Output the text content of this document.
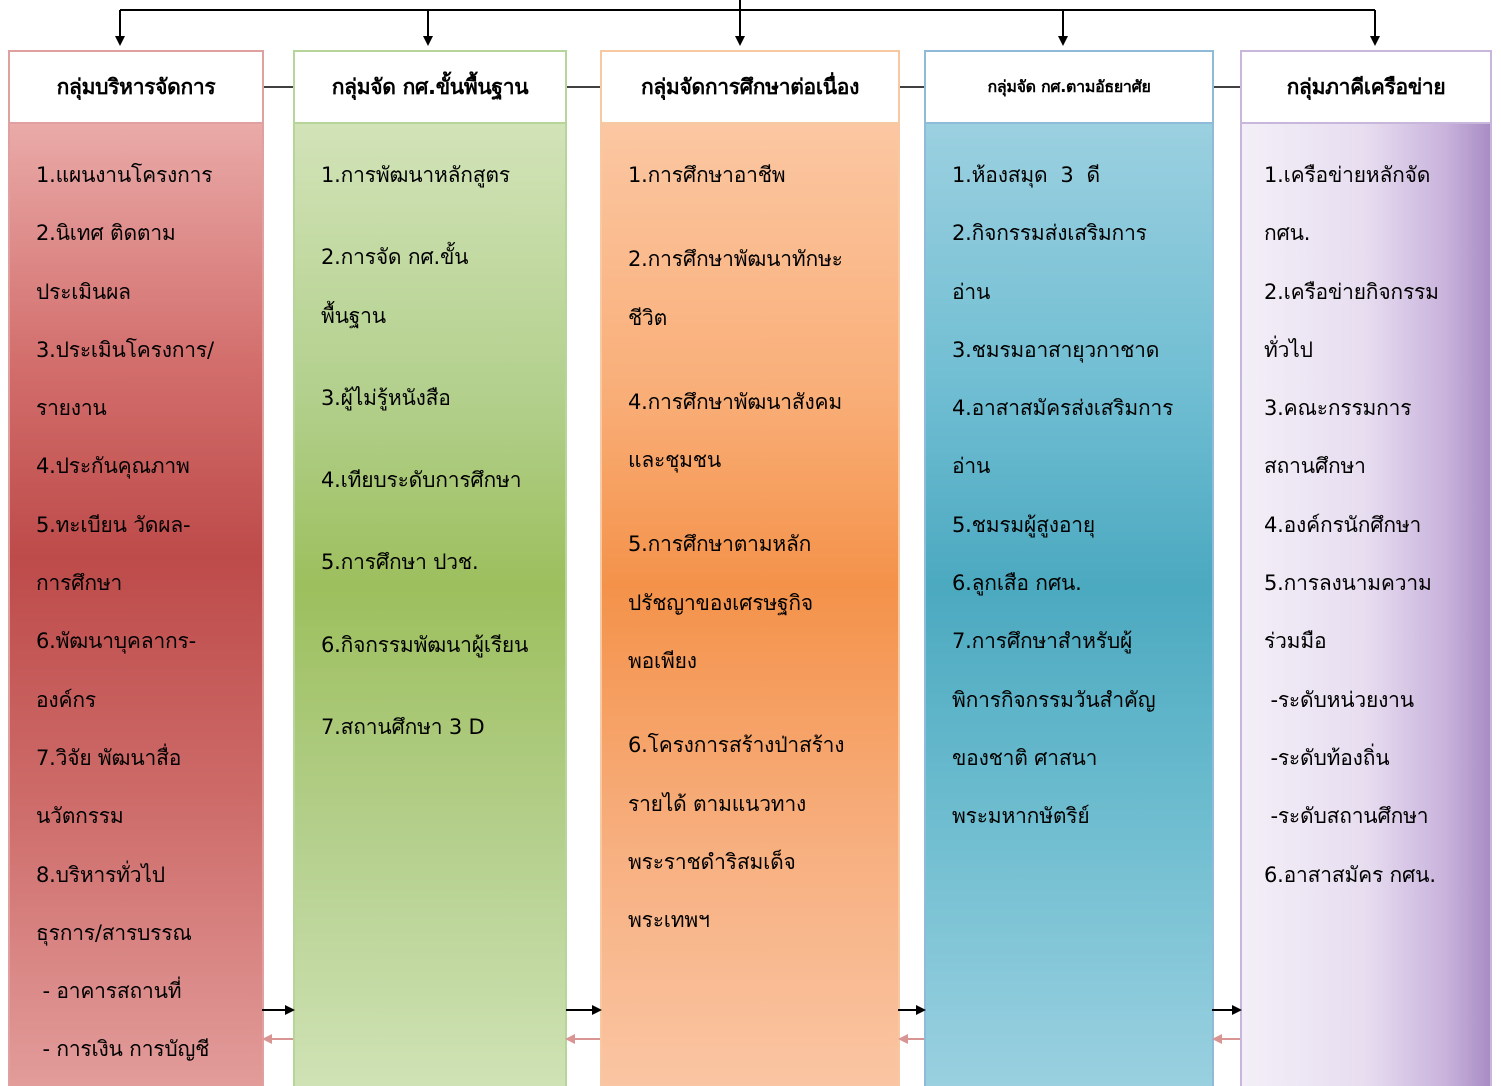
กลุ่มบริหารจัดการ
1.แผนงานโครงการ
2.นิเทศ ติดตาม
ประเมินผล
3.ประเมินโครงการ/
รายงาน
4.ประกันคุณภาพ
5.ทะเบียน วัดผล-
การศึกษา
6.พัฒนาบุคลากร-
องค์กร
7.วิจัย พัฒนาสื่อ
นวัตกรรม
8.บริหารทั่วไป
ธุรการ/สารบรรณ
- อาคารสถานที่
- การเงิน การบัญชี
กลุ่มจัด กศ.ขั้นพื้นฐาน
1.การพัฒนาหลักสูตร
2.การจัด กศ.ขั้น
พื้นฐาน
3.ผู้ไม่รู้หนังสือ
4.เทียบระดับการศึกษา
5.การศึกษา ปวช.
6.กิจกรรมพัฒนาผู้เรียน
7.สถานศึกษา 3 D
กลุ่มจัดการศึกษาต่อเนื่อง
1.การศึกษาอาชีพ
2.การศึกษาพัฒนาทักษะ
ชีวิต
4.การศึกษาพัฒนาสังคม
และชุมชน
5.การศึกษาตามหลัก
ปรัชญาของเศรษฐกิจ
พอเพียง
6.โครงการสร้างป่าสร้าง
รายได้ ตามแนวทาง
พระราชดำริสมเด็จ
พระเทพฯ
กลุ่มจัด กศ.ตามอัธยาศัย
1.ห้องสมุด  3  ดี
2.กิจกรรมส่งเสริมการ
อ่าน
3.ชมรมอาสายุวกาชาด
4.อาสาสมัครส่งเสริมการ
อ่าน
5.ชมรมผู้สูงอายุ
6.ลูกเสือ กศน.
7.การศึกษาสำหรับผู้
พิการกิจกรรมวันสำคัญ
ของชาติ ศาสนา
พระมหากษัตริย์
กลุ่มภาคีเครือข่าย
1.เครือข่ายหลักจัด
กศน.
2.เครือข่ายกิจกรรม
ทั่วไป
3.คณะกรรมการ
สถานศึกษา
4.องค์กรนักศึกษา
5.การลงนามความ
ร่วมมือ
-ระดับหน่วยงาน
-ระดับท้องถิ่น
-ระดับสถานศึกษา
6.อาสาสมัคร กศน.
